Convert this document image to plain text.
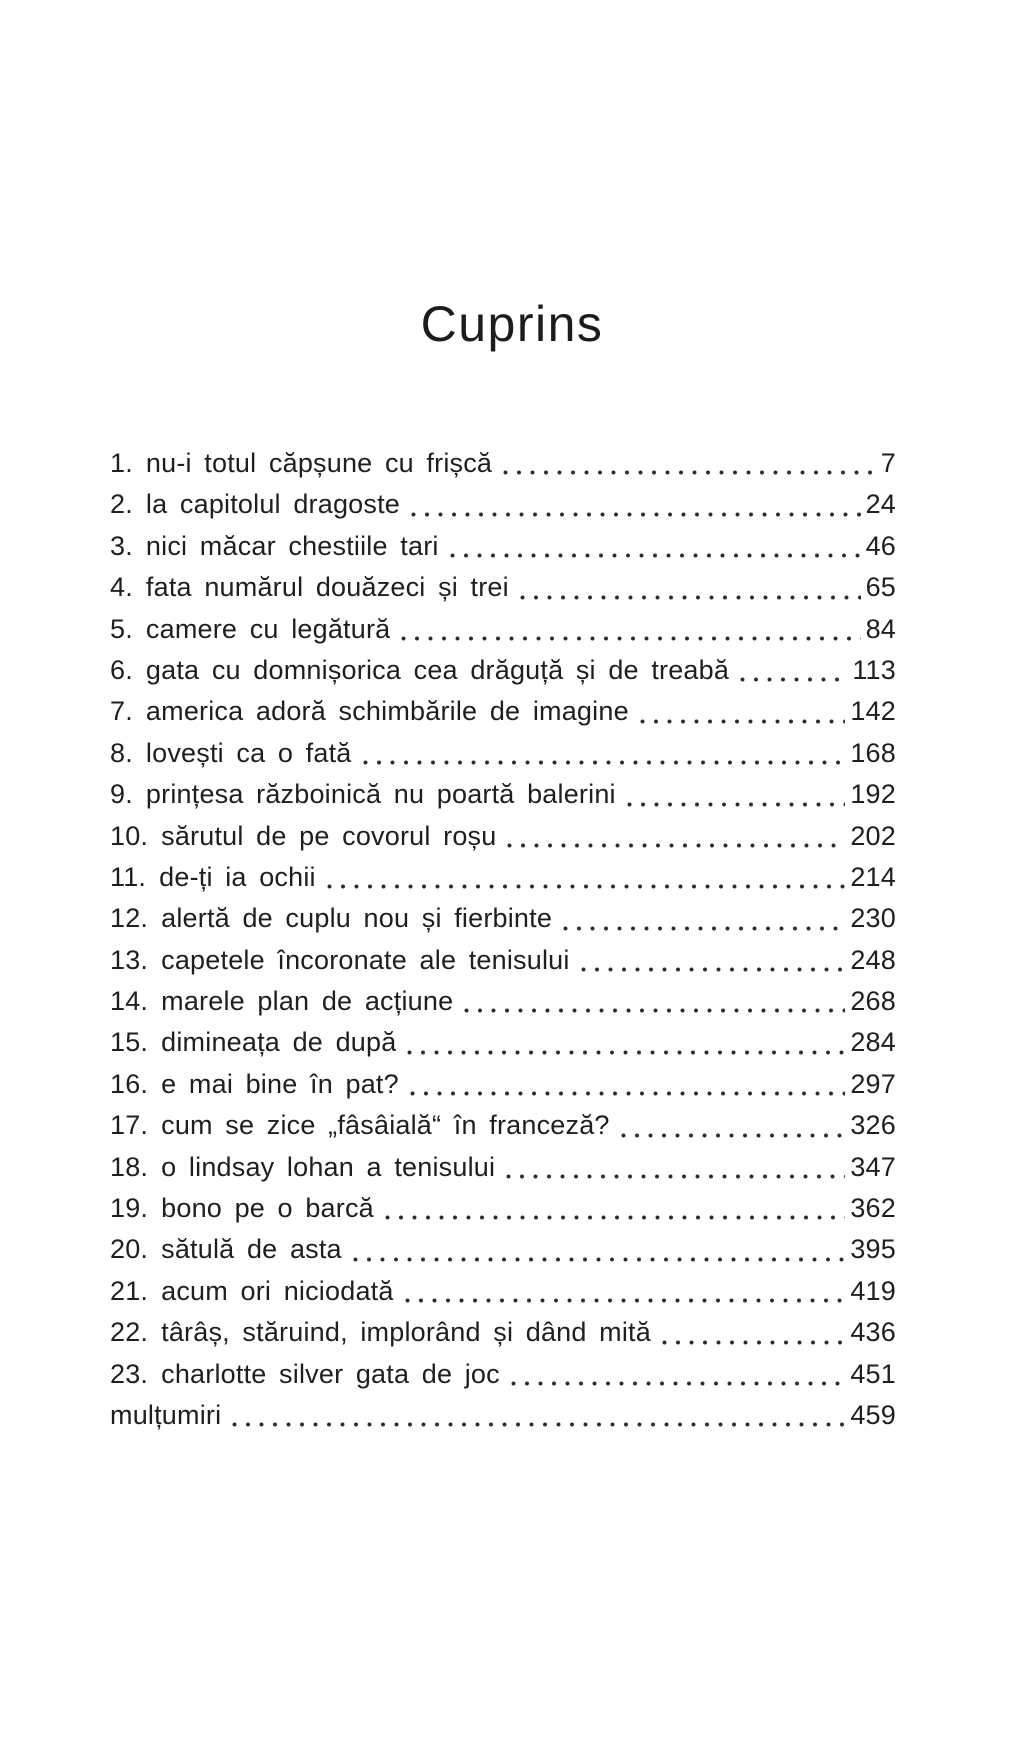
Cuprins
1. nu-i totul căpșune cu frișcă	7
2. la capitolul dragoste	24
3. nici măcar chestiile tari	46
4. fata numărul douăzeci și trei	65
5. camere cu legătură	84
6. gata cu domnișorica cea drăguță și de treabă	113
7. america adoră schimbările de imagine	142
8. lovești ca o fată	168
9. prințesa războinică nu poartă balerini	192
10. sărutul de pe covorul roșu	202
11. de-ți ia ochii	214
12. alertă de cuplu nou și fierbinte	230
13. capetele încoronate ale tenisului	248
14. marele plan de acțiune	268
15. dimineața de după	284
16. e mai bine în pat?	297
17. cum se zice „fâsâială“ în franceză?	326
18. o lindsay lohan a tenisului	347
19. bono pe o barcă	362
20. sătulă de asta	395
21. acum ori niciodată	419
22. târâș, stăruind, implorând și dând mită	436
23. charlotte silver gata de joc	451
mulțumiri	459
